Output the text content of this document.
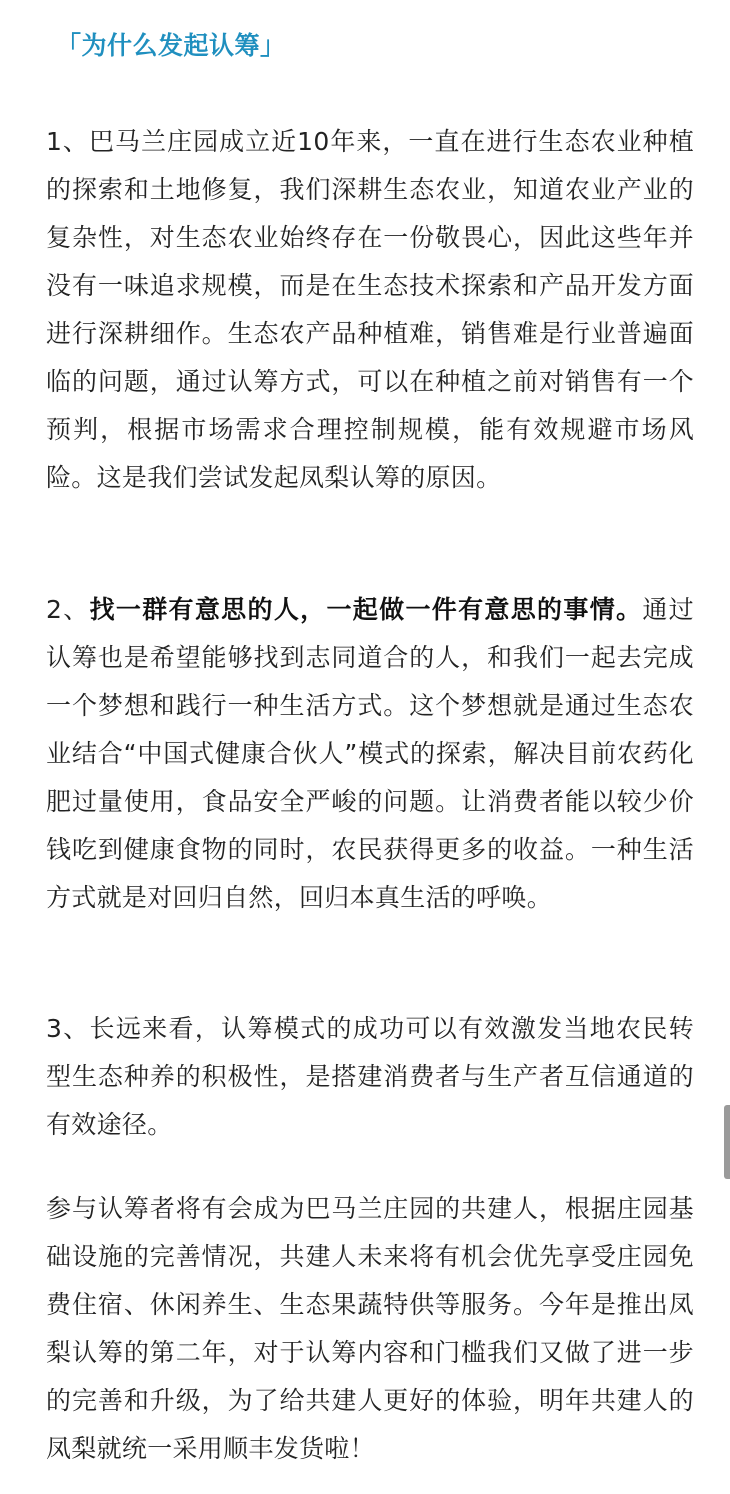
「为什么发起认筹」
1、巴马兰庄园成立近10年来，一直在进行生态农业种植的探索和土地修复，我们深耕生态农业，知道农业产业的复杂性，对生态农业始终存在一份敬畏心，因此这些年并没有一味追求规模，而是在生态技术探索和产品开发方面进行深耕细作。生态农产品种植难，销售难是行业普遍面临的问题，通过认筹方式，可以在种植之前对销售有一个预判，根据市场需求合理控制规模，能有效规避市场风险。这是我们尝试发起凤梨认筹的原因。
2、找一群有意思的人，一起做一件有意思的事情。通过认筹也是希望能够找到志同道合的人，和我们一起去完成一个梦想和践行一种生活方式。这个梦想就是通过生态农业结合“中国式健康合伙人”模式的探索，解决目前农药化肥过量使用，食品安全严峻的问题。让消费者能以较少价钱吃到健康食物的同时，农民获得更多的收益。一种生活方式就是对回归自然，回归本真生活的呼唤。
3、长远来看，认筹模式的成功可以有效激发当地农民转型生态种养的积极性，是搭建消费者与生产者互信通道的有效途径。
参与认筹者将有会成为巴马兰庄园的共建人，根据庄园基础设施的完善情况，共建人未来将有机会优先享受庄园免费住宿、休闲养生、生态果蔬特供等服务。今年是推出凤梨认筹的第二年，对于认筹内容和门槛我们又做了进一步的完善和升级，为了给共建人更好的体验，明年共建人的凤梨就统一采用顺丰发货啦！
